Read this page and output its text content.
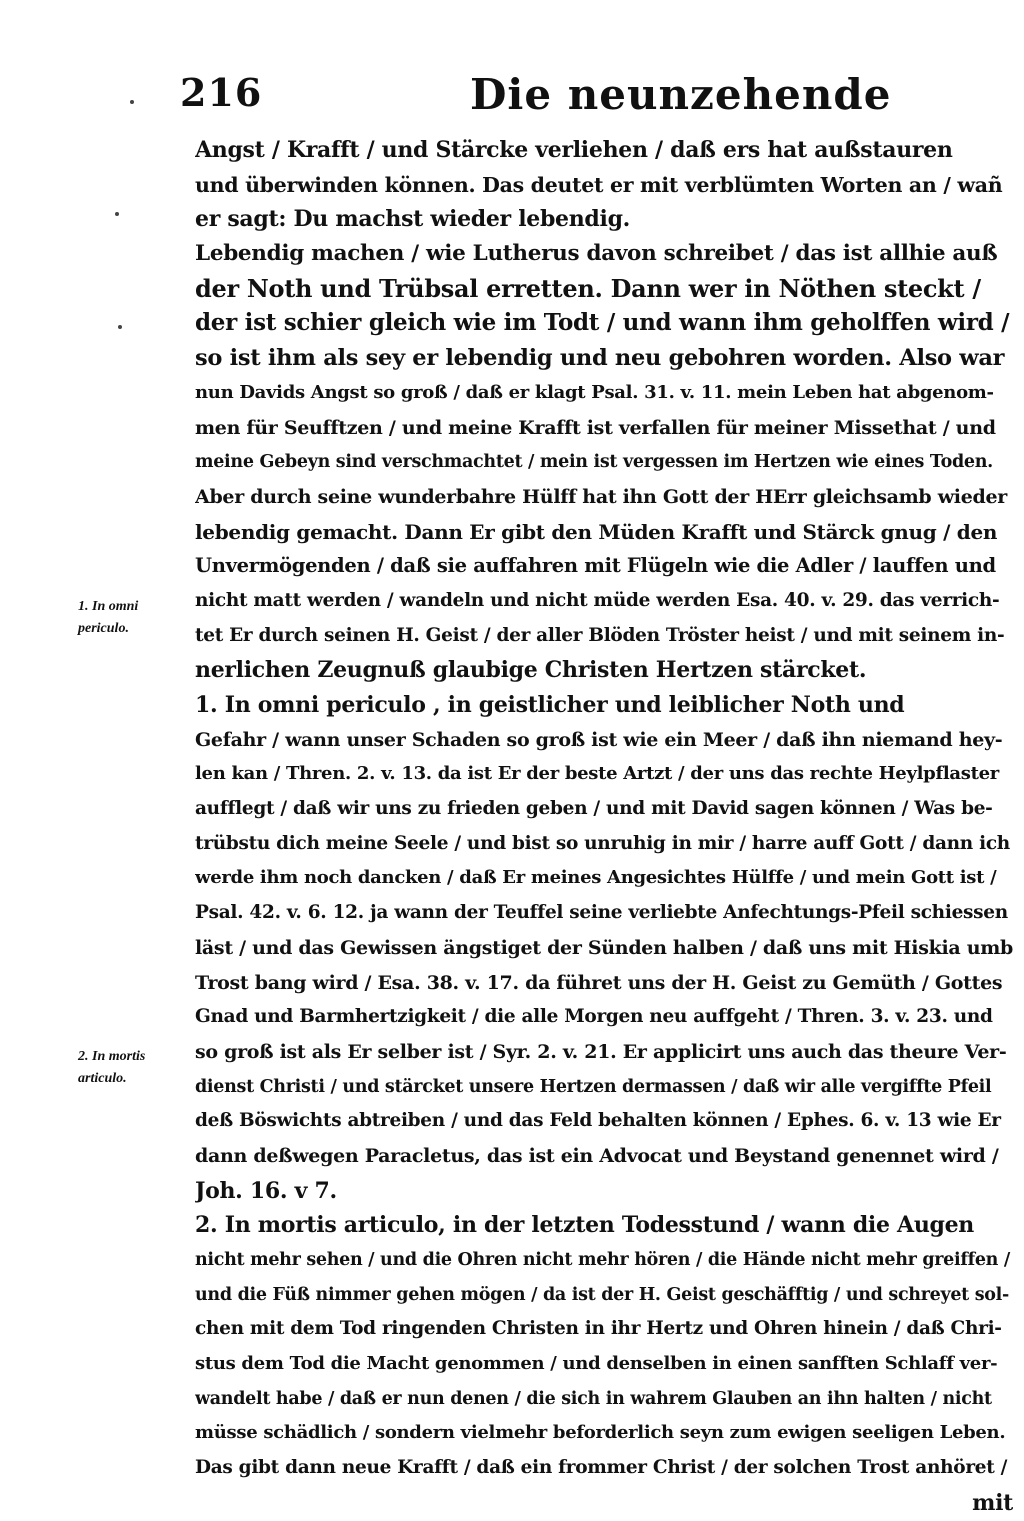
216	Die neunzehende
1. In omni
periculo.
2. In mortis
articulo.
Angst / Krafft / und Stärcke verliehen / daß ers hat außstauren
und überwinden können. Das deutet er mit verblümten Worten an / wañ
er sagt: Du machst wieder lebendig.
Lebendig machen / wie Lutherus davon schreibet / das ist allhie auß
der Noth und Trübsal erretten. Dann wer in Nöthen steckt /
der ist schier gleich wie im Todt / und wann ihm geholffen wird /
so ist ihm als sey er lebendig und neu gebohren worden. Also war
nun Davids Angst so groß / daß er klagt Psal. 31. v. 11. mein Leben hat abgenom-
men für Seufftzen / und meine Krafft ist verfallen für meiner Missethat / und
meine Gebeyn sind verschmachtet / mein ist vergessen im Hertzen wie eines Toden.
Aber durch seine wunderbahre Hülff hat ihn Gott der HErr gleichsamb wieder
lebendig gemacht. Dann Er gibt den Müden Krafft und Stärck gnug / den
Unvermögenden / daß sie auffahren mit Flügeln wie die Adler / lauffen und
nicht matt werden / wandeln und nicht müde werden Esa. 40. v. 29. das verrich-
tet Er durch seinen H. Geist / der aller Blöden Tröster heist / und mit seinem in-
nerlichen Zeugnuß glaubige Christen Hertzen stärcket.
1. In omni periculo , in geistlicher und leiblicher Noth und
Gefahr / wann unser Schaden so groß ist wie ein Meer / daß ihn niemand hey-
len kan / Thren. 2. v. 13. da ist Er der beste Artzt / der uns das rechte Heylpflaster
aufflegt / daß wir uns zu frieden geben / und mit David sagen können / Was be-
trübstu dich meine Seele / und bist so unruhig in mir / harre auff Gott / dann ich
werde ihm noch dancken / daß Er meines Angesichtes Hülffe / und mein Gott ist /
Psal. 42. v. 6. 12. ja wann der Teuffel seine verliebte Anfechtungs-Pfeil schiessen
läst / und das Gewissen ängstiget der Sünden halben / daß uns mit Hiskia umb
Trost bang wird / Esa. 38. v. 17. da führet uns der H. Geist zu Gemüth / Gottes
Gnad und Barmhertzigkeit / die alle Morgen neu auffgeht / Thren. 3. v. 23. und
so groß ist als Er selber ist / Syr. 2. v. 21. Er applicirt uns auch das theure Ver-
dienst Christi / und stärcket unsere Hertzen dermassen / daß wir alle vergiffte Pfeil
deß Böswichts abtreiben / und das Feld behalten können / Ephes. 6. v. 13 wie Er
dann deßwegen Paracletus, das ist ein Advocat und Beystand genennet wird /
Joh. 16. v 7.
2. In mortis articulo, in der letzten Todesstund / wann die Augen
nicht mehr sehen / und die Ohren nicht mehr hören / die Hände nicht mehr greiffen /
und die Füß nimmer gehen mögen / da ist der H. Geist geschäfftig / und schreyet sol-
chen mit dem Tod ringenden Christen in ihr Hertz und Ohren hinein / daß Chri-
stus dem Tod die Macht genommen / und denselben in einen sanfften Schlaff ver-
wandelt habe / daß er nun denen / die sich in wahrem Glauben an ihn halten / nicht
müsse schädlich / sondern vielmehr beforderlich seyn zum ewigen seeligen Leben.
Das gibt dann neue Krafft / daß ein frommer Christ / der solchen Trost anhöret /
mit
